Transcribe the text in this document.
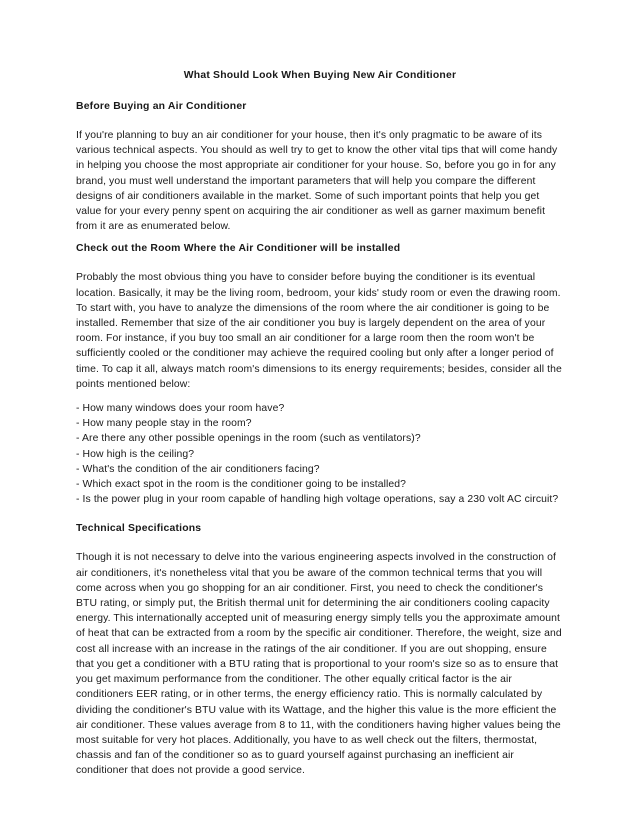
What Should Look When Buying New Air Conditioner
Before Buying an Air Conditioner

If you're planning to buy an air conditioner for your house, then it's only pragmatic to be aware of its various technical aspects. You should as well try to get to know the other vital tips that will come handy in helping you choose the most appropriate air conditioner for your house. So, before you go in for any brand, you must well understand the important parameters that will help you compare the different designs of air conditioners available in the market. Some of such important points that help you get value for your every penny spent on acquiring the air conditioner as well as garner maximum benefit from it are as enumerated below.

Check out the Room Where the Air Conditioner will be installed

Probably the most obvious thing you have to consider before buying the conditioner is its eventual location. Basically, it may be the living room, bedroom, your kids' study room or even the drawing room. To start with, you have to analyze the dimensions of the room where the air conditioner is going to be installed. Remember that size of the air conditioner you buy is largely dependent on the area of your room. For instance, if you buy too small an air conditioner for a large room then the room won't be sufficiently cooled or the conditioner may achieve the required cooling but only after a longer period of time. To cap it all, always match room's dimensions to its energy requirements; besides, consider all the points mentioned below:

- How many windows does your room have?
- How many people stay in the room?
- Are there any other possible openings in the room (such as ventilators)?
- How high is the ceiling?
- What's the condition of the air conditioners facing?
- Which exact spot in the room is the conditioner going to be installed?
- Is the power plug in your room capable of handling high voltage operations, say a 230 volt AC circuit?
Technical Specifications

Though it is not necessary to delve into the various engineering aspects involved in the construction of air conditioners, it's nonetheless vital that you be aware of the common technical terms that you will come across when you go shopping for an air conditioner. First, you need to check the conditioner's BTU rating, or simply put, the British thermal unit for determining the air conditioners cooling capacity energy. This internationally accepted unit of measuring energy simply tells you the approximate amount of heat that can be extracted from a room by the specific air conditioner. Therefore, the weight, size and cost all increase with an increase in the ratings of the air conditioner. If you are out shopping, ensure that you get a conditioner with a BTU rating that is proportional to your room's size so as to ensure that you get maximum performance from the conditioner. The other equally critical factor is the air conditioners EER rating, or in other terms, the energy efficiency ratio. This is normally calculated by dividing the conditioner's BTU value with its Wattage, and the higher this value is the more efficient the air conditioner. These values average from 8 to 11, with the conditioners having higher values being the most suitable for very hot places. Additionally, you have to as well check out the filters, thermostat, chassis and fan of the conditioner so as to guard yourself against purchasing an inefficient air conditioner that does not provide a good service.
